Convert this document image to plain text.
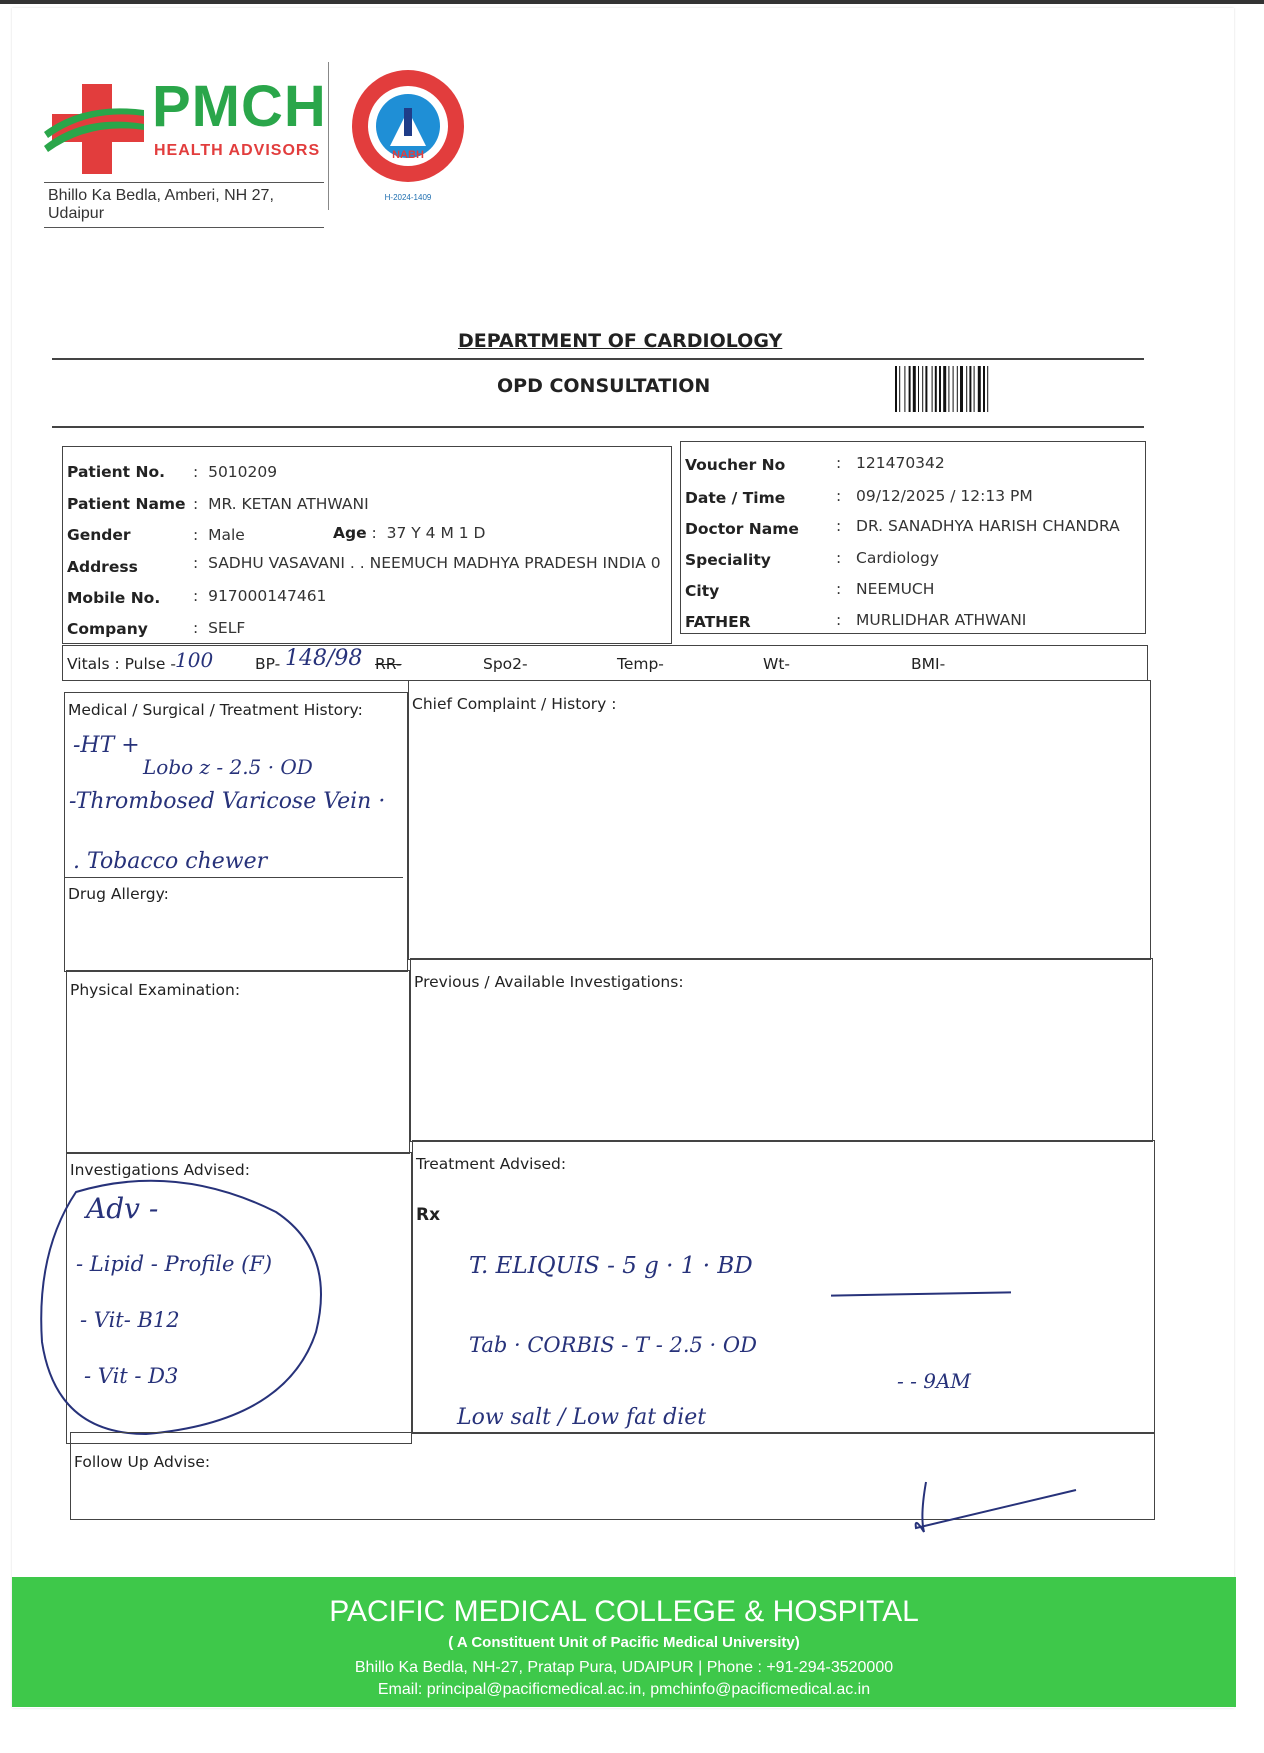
PMCH
HEALTH ADVISORS
Bhillo Ka Bedla, Amberi, NH 27, Udaipur
NABH
H-2024-1409
DEPARTMENT OF CARDIOLOGY
OPD CONSULTATION
Patient No. :  5010209
Patient Name :  MR. KETAN ATHWANI
Gender	:  Male	Age :  37 Y 4 M 1 D
Address	:  SADHU VASAVANI . . NEEMUCH MADHYA PRADESH INDIA 0
Mobile No. :  917000147461
Company	:  SELF
Voucher No	:   121470342
Date / Time	:   09/12/2025 / 12:13 PM
Doctor Name :   DR. SANADHYA HARISH CHANDRA
Speciality	:   Cardiology
City	:   NEEMUCH
FATHER	:   MURLIDHAR ATHWANI
Vitals : Pulse - 100	BP- 148/98 RR-	Spo2-	Temp-	Wt-	BMI-
Medical / Surgical / Treatment History:
-HT +
Lobo z - 2.5 · OD
-Thrombosed Varicose Vein ·
. Tobacco chewer
Drug Allergy:
Chief Complaint / History :
Physical Examination:	Previous / Available Investigations:
Investigations Advised:
Adv -
- Lipid - Profile (F)
- Vit- B12
- Vit - D3
Treatment Advised:
Rx
T. ELIQUIS - 5 g · 1 · BD
Tab · CORBIS - T - 2.5 · OD
- - 9AM
Low salt / Low fat diet
Follow Up Advise:
PACIFIC MEDICAL COLLEGE & HOSPITAL
( A Constituent Unit of Pacific Medical University)
Bhillo Ka Bedla, NH-27, Pratap Pura, UDAIPUR | Phone : +91-294-3520000
Email: principal@pacificmedical.ac.in, pmchinfo@pacificmedical.ac.in
